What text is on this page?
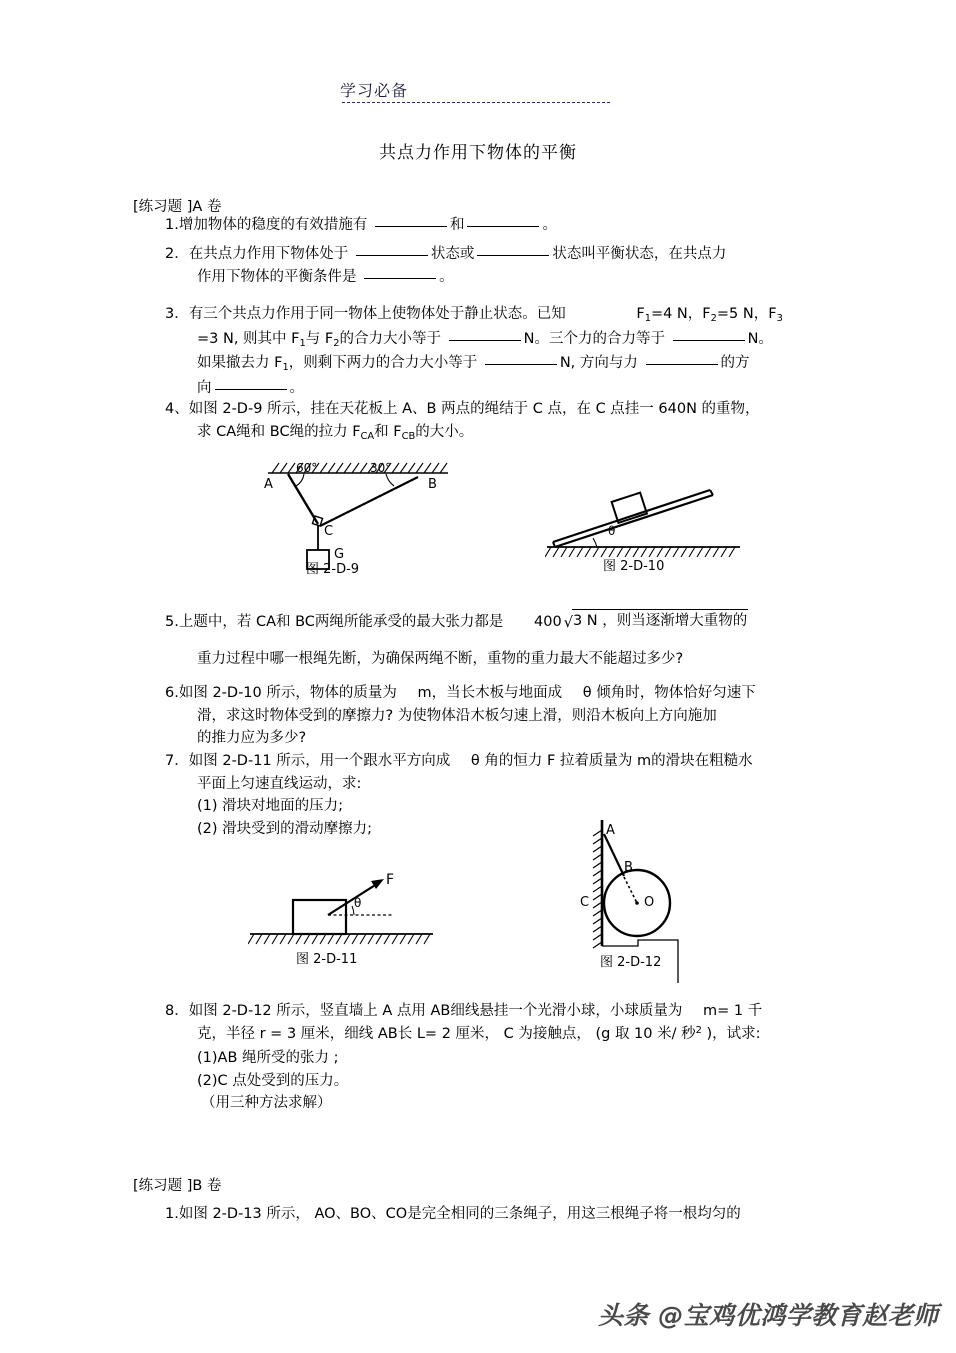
学习必备
共点力作用下物体的平衡
[练习题 ]A 卷
1.增加物体的稳度的有效措施有	和	。
2．在共点力作用下物体处于	状态或	状态叫平衡状态，在共点力
作用下物体的平衡条件是	。
3．有三个共点力作用于同一物体上使物体处于静止状态。已知	$F_1=4$ N，$F_2=5$ N，$F_3$
=3 N, 则其中 $F_1$与 $F_2$的合力大小等于	N。三个力的合力等于	N。
如果撤去力 $F_1$，则剩下两力的合力大小等于	N, 方向与力	的方
向	。
4、如图 2-D-9 所示，挂在天花板上 A、B 两点的绳结于 C 点，在 C 点挂一 640N 的重物，
求 CA绳和 BC绳的拉力 $F_{CA}$和 $F_{CB}$的大小。
A	B
C
G
60°	30°
图 2-D-9
θ
图 2-D-10
5.上题中，若 CA和 BC两绳所能承受的最大张力都是 400 √3 N ，则当逐渐增大重物的
重力过程中哪一根绳先断，为确保两绳不断，重物的重力最大不能超过多少?
6.如图 2-D-10 所示，物体的质量为 m，当长木板与地面成 θ 倾角时，物体恰好匀速下
滑，求这时物体受到的摩擦力? 为使物体沿木板匀速上滑，则沿木板向上方向施加
的推力应为多少?
7．如图 2-D-11 所示，用一个跟水平方向成 θ 角的恒力 F 拉着质量为 m的滑块在粗糙水
平面上匀速直线运动，求:
(1) 滑块对地面的压力;
(2) 滑块受到的滑动摩擦力;
F
θ
图 2-D-11
A
B
C	O
图 2-D-12
8．如图 2-D-12 所示，竖直墙上 A 点用 AB细线悬挂一个光滑小球，小球质量为 m= 1 千
克，半径 r = 3 厘米，细线 AB长 L= 2 厘米， C 为接触点， (g 取 10 米/ 秒$^2$ )，试求:
(1)AB 绳所受的张力 ;
(2)C 点处受到的压力。
（用三种方法求解）
[练习题 ]B 卷
1.如图 2-D-13 所示， AO、BO、CO是完全相同的三条绳子，用这三根绳子将一根均匀的
头条 @宝鸡优鸿学教育赵老师
